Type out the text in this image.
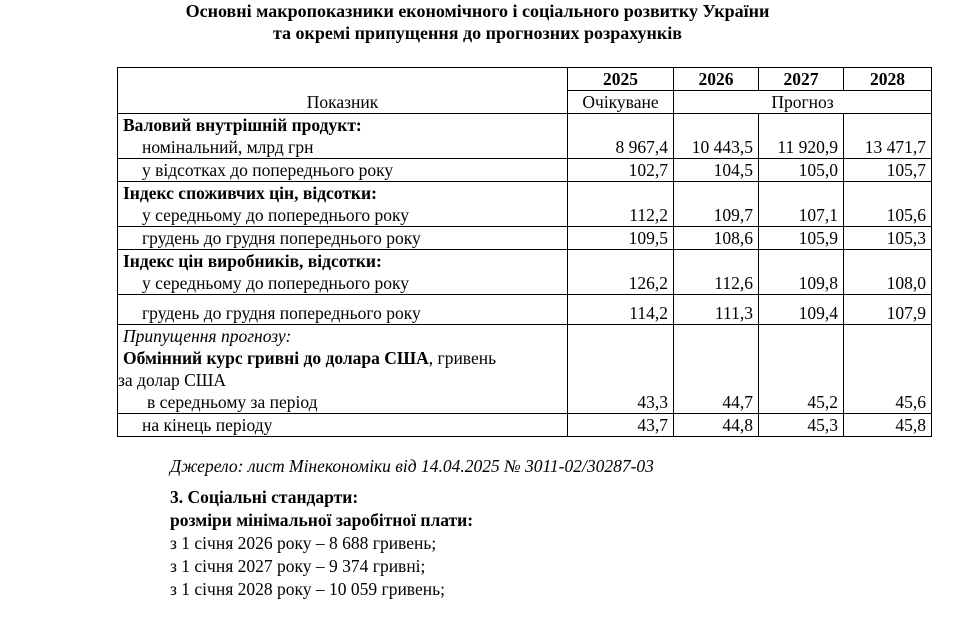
Основні макропоказники економічного і соціального розвитку України
та окремі припущення до прогнозних розрахунків
Показник	2025	2026	2027	2028
	Очікуване	Прогноз		
Валовий внутрішній продукт:				
номінальний, млрд грн	8 967,4	10 443,5	11 920,9	13 471,7
у відсотках до попереднього року	102,7	104,5	105,0	105,7
Індекс споживчих цін, відсотки:				
у середньому до попереднього року	112,2	109,7	107,1	105,6
грудень до грудня попереднього року	109,5	108,6	105,9	105,3
Індекс цін виробників, відсотки:				
у середньому до попереднього року	126,2	112,6	109,8	108,0
грудень до грудня попереднього року	114,2	111,3	109,4	107,9

Припущення прогнозу:
Обмінний курс гривні до долара США, гривень
за долар США
в середньому за період	43,3	44,7	45,2	45,6
на кінець періоду	43,7	44,8	45,3	45,8
Джерело: лист Мінекономіки від 14.04.2025 № 3011-02/30287-03
3. Соціальні стандарти:
розміри мінімальної заробітної плати:
з 1 січня 2026 року – 8 688 гривень;
з 1 січня 2027 року – 9 374 гривні;
з 1 січня 2028 року – 10 059 гривень;
